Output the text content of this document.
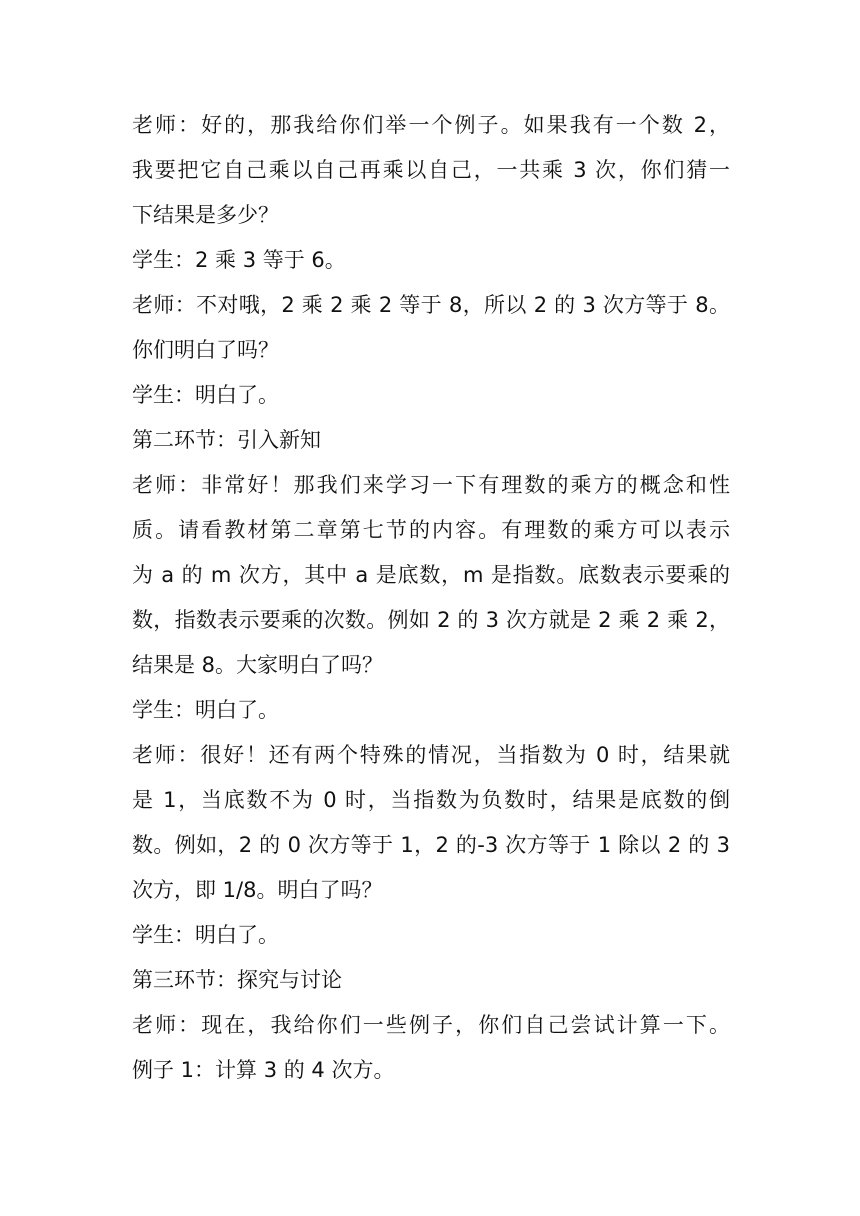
老师：好的，那我给你们举一个例子。如果我有一个数 2，
我要把它自己乘以自己再乘以自己，一共乘 3 次，你们猜一
下结果是多少？
学生：2 乘 3 等于 6。
老师：不对哦，2 乘 2 乘 2 等于 8，所以 2 的 3 次方等于 8。
你们明白了吗？
学生：明白了。
第二环节：引入新知
老师：非常好！那我们来学习一下有理数的乘方的概念和性
质。请看教材第二章第七节的内容。有理数的乘方可以表示
为 a 的 m 次方，其中 a 是底数，m 是指数。底数表示要乘的
数，指数表示要乘的次数。例如 2 的 3 次方就是 2 乘 2 乘 2，
结果是 8。大家明白了吗？
学生：明白了。
老师：很好！还有两个特殊的情况，当指数为 0 时，结果就
是 1，当底数不为 0 时，当指数为负数时，结果是底数的倒
数。例如，2 的 0 次方等于 1，2 的-3 次方等于 1 除以 2 的 3
次方，即 1/8。明白了吗？
学生：明白了。
第三环节：探究与讨论
老师：现在，我给你们一些例子，你们自己尝试计算一下。
例子 1：计算 3 的 4 次方。
